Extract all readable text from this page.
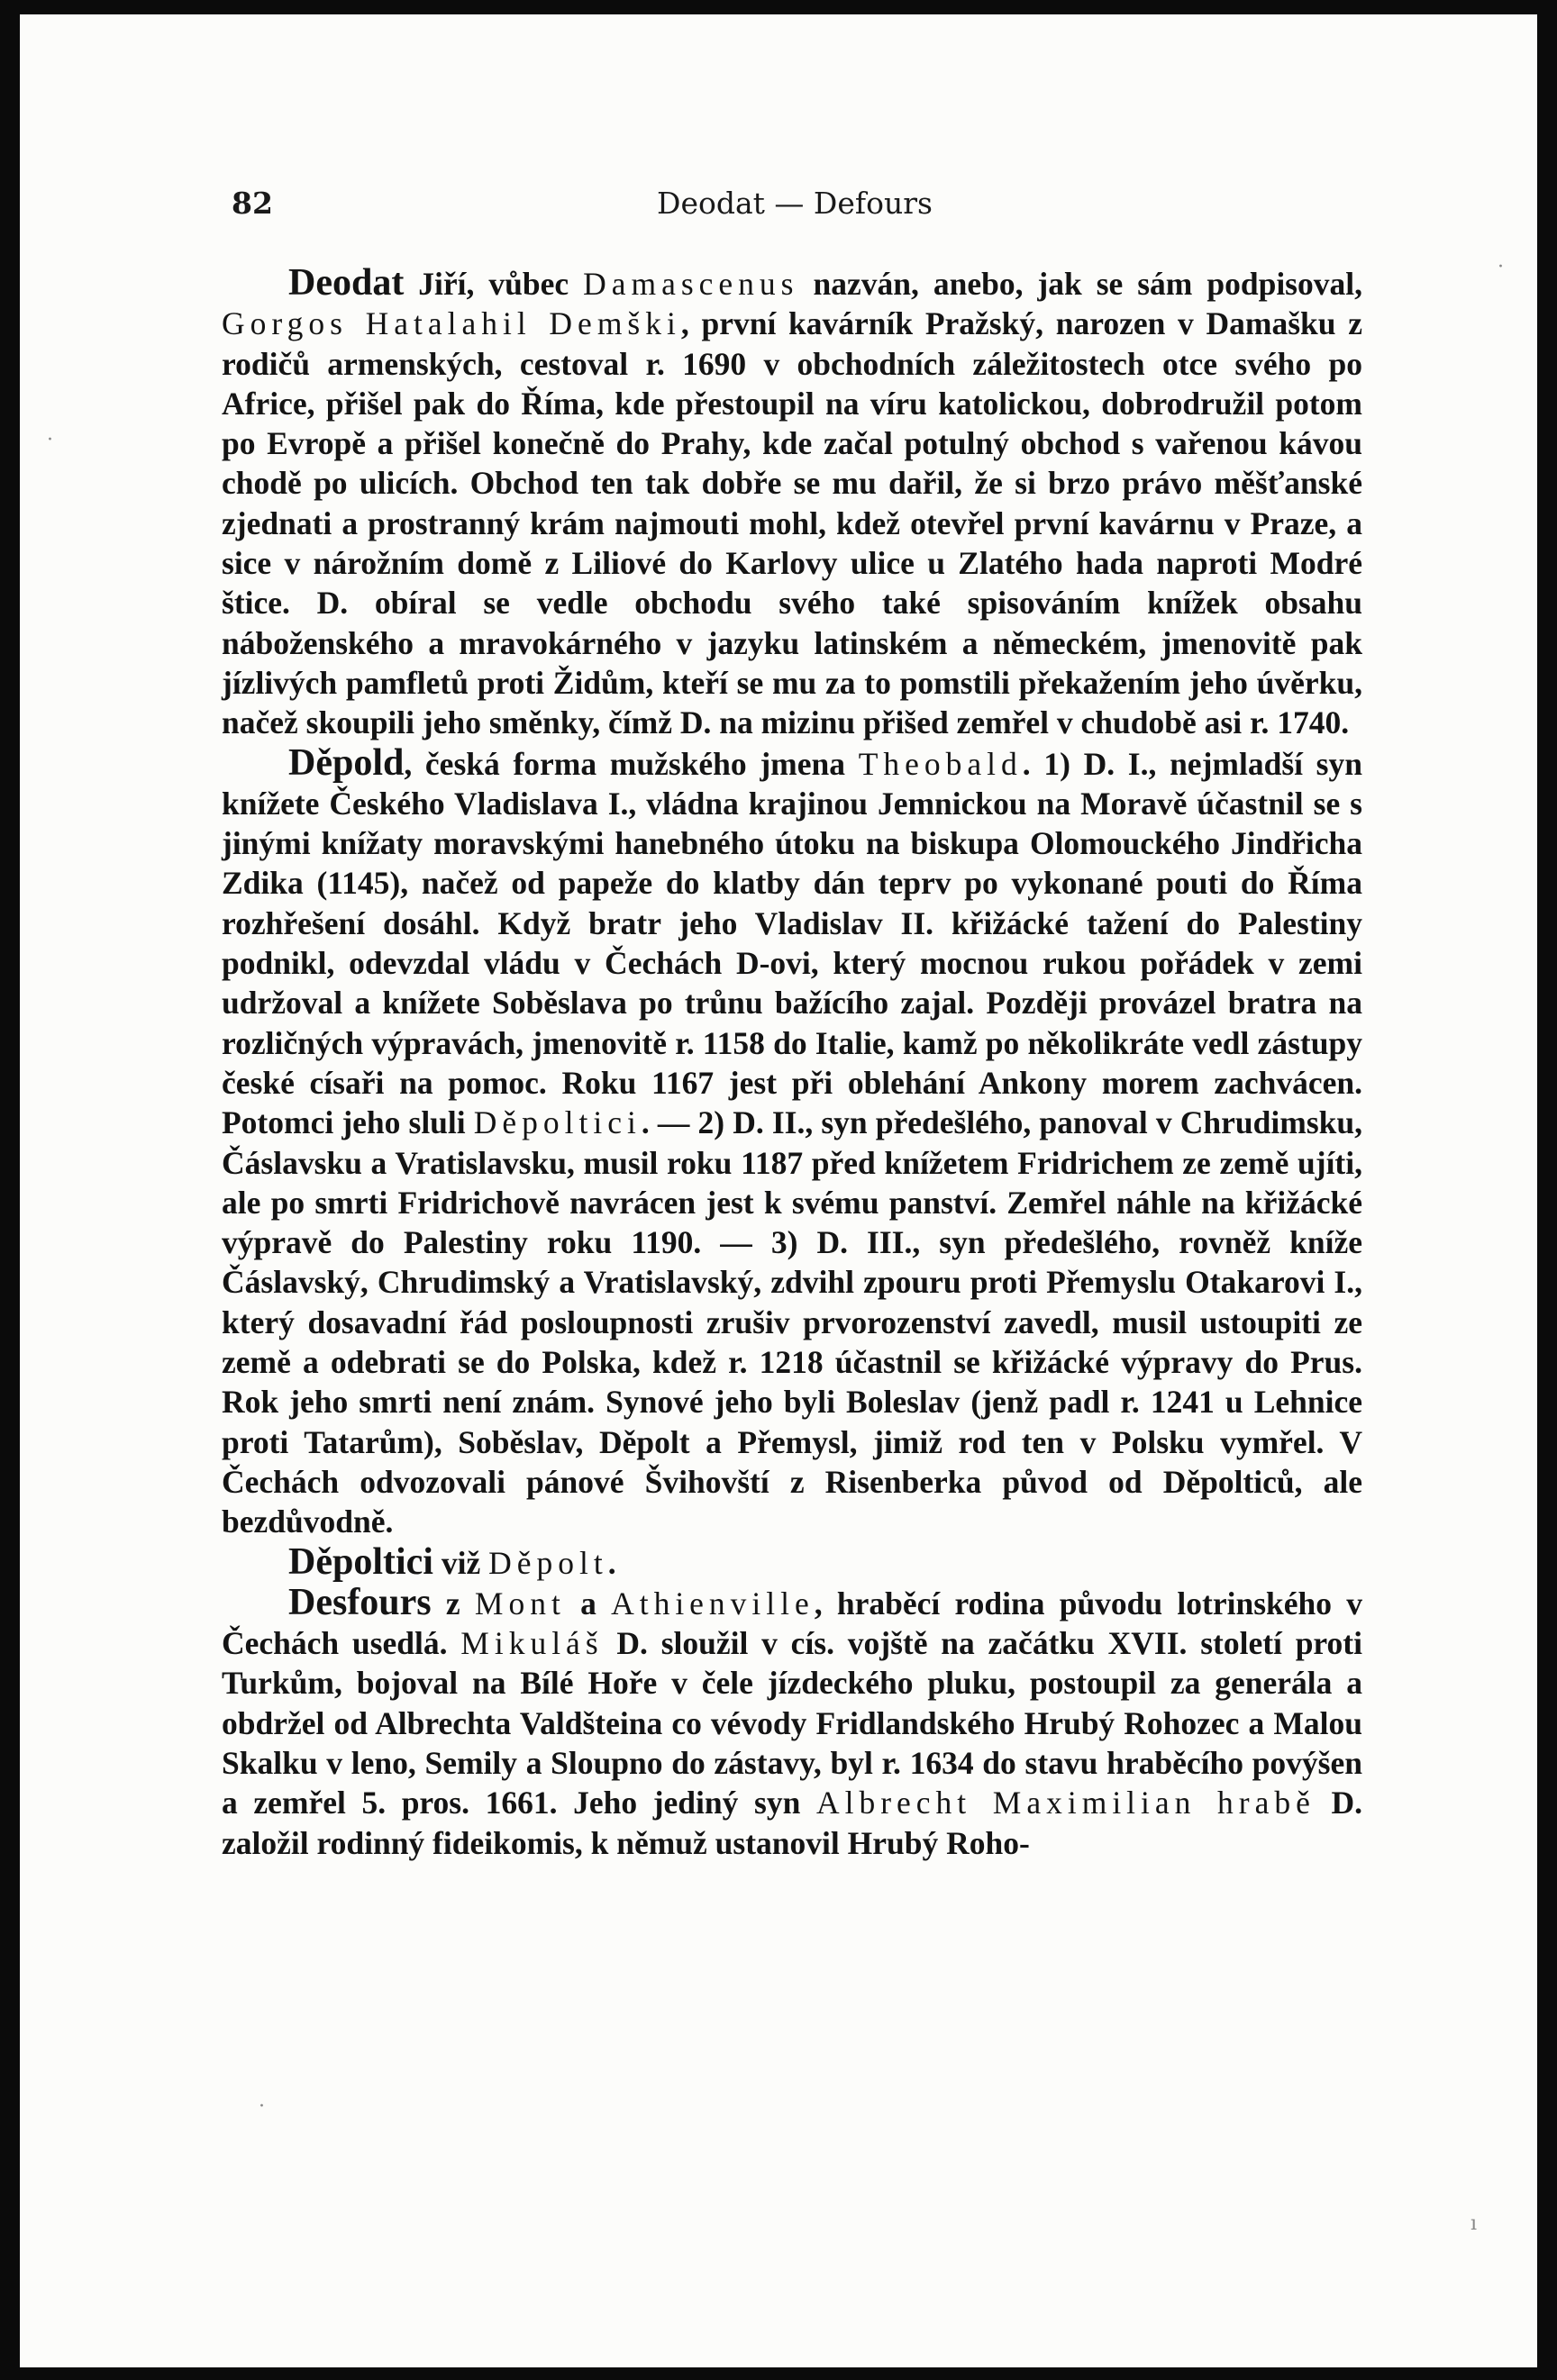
82	Deodat — Defours

Deodat Jiří, vůbec Damascenus nazván, anebo, jak se sám podpisoval, Gorgos Hatalahil Demški, první kavárník Pražský, narozen v Damašku z rodičů armenských, cestoval r. 1690 v obchodních záležitostech otce svého po Africe, přišel pak do Říma, kde přestoupil na víru katolickou, dobrodružil potom po Evropě a přišel konečně do Prahy, kde začal potulný obchod s vařenou kávou chodě po ulicích. Obchod ten tak dobře se mu dařil, že si brzo právo měšťanské zjednati a prostranný krám najmouti mohl, kdež otevřel první kavárnu v Praze, a sice v nárožním domě z Liliové do Karlovy ulice u Zlatého hada naproti Modré štice. D. obíral se vedle obchodu svého také spisováním knížek obsahu náboženského a mravokárného v jazyku latinském a německém, jmenovitě pak jízlivých pamfletů proti Židům, kteří se mu za to pomstili překažením jeho úvěrku, načež skoupili jeho směnky, čímž D. na mizinu přišed zemřel v chudobě asi r. 1740.

Děpold, česká forma mužského jmena Theobald. 1) D. I., nejmladší syn knížete Českého Vladislava I., vládna krajinou Jemnickou na Moravě účastnil se s jinými knížaty moravskými hanebného útoku na biskupa Olomouckého Jindřicha Zdika (1145), načež od papeže do klatby dán teprv po vykonané pouti do Říma rozhřešení dosáhl. Když bratr jeho Vladislav II. křižácké tažení do Palestiny podnikl, odevzdal vládu v Čechách D-ovi, který mocnou rukou pořádek v zemi udržoval a knížete Soběslava po trůnu bažícího zajal. Později provázel bratra na rozličných výpravách, jmenovitě r. 1158 do Italie, kamž po několikráte vedl zástupy české císaři na pomoc. Roku 1167 jest při oblehání Ankony morem zachvácen. Potomci jeho sluli Děpoltici. — 2) D. II., syn předešlého, panoval v Chrudimsku, Čáslavsku a Vratislavsku, musil roku 1187 před knížetem Fridrichem ze země ujíti, ale po smrti Fridrichově navrácen jest k svému panství. Zemřel náhle na křižácké výpravě do Palestiny roku 1190. — 3) D. III., syn předešlého, rovněž kníže Čáslavský, Chrudimský a Vratislavský, zdvihl zpouru proti Přemyslu Otakarovi I., který dosavadní řád posloupnosti zrušiv prvorozenství zavedl, musil ustoupiti ze země a odebrati se do Polska, kdež r. 1218 účastnil se křižácké výpravy do Prus. Rok jeho smrti není znám. Synové jeho byli Boleslav (jenž padl r. 1241 u Lehnice proti Tatarům), Soběslav, Děpolt a Přemysl, jimiž rod ten v Polsku vymřel. V Čechách odvozovali pánové Švihovští z Risenberka původ od Děpolticů, ale bezdůvodně.

Děpoltici viž Děpolt.

Desfours z Mont a Athienville, hraběcí rodina původu lotrinského v Čechách usedlá. Mikuláš D. sloužil v cís. vojště na začátku XVII. století proti Turkům, bojoval na Bílé Hoře v čele jízdeckého pluku, postoupil za generála a obdržel od Albrechta Valdšteina co vévody Fridlandského Hrubý Rohozec a Malou Skalku v leno, Semily a Sloupno do zástavy, byl r. 1634 do stavu hraběcího povýšen a zemřel 5. pros. 1661. Jeho jediný syn Albrecht Maximilian hrabě D. založil rodinný fideikomis, k němuž ustanovil Hrubý Roho-

·
·
·
ı
